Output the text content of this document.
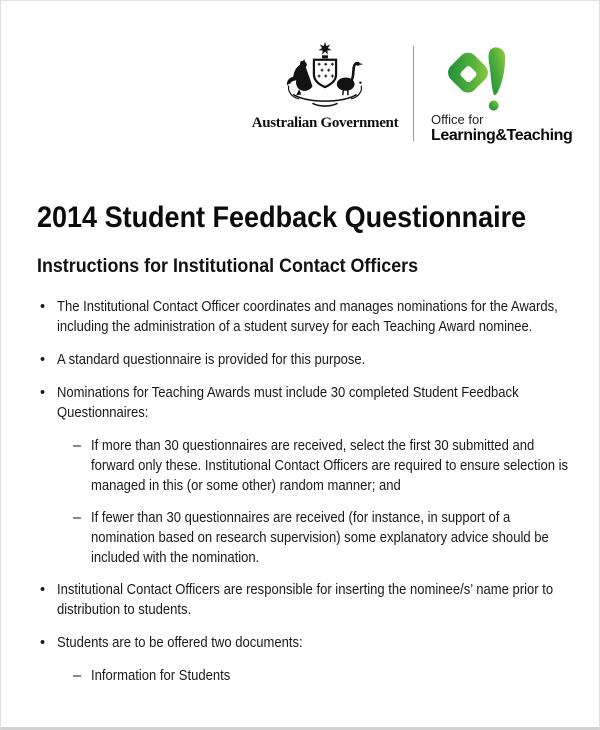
Australian Government	Office for
Learning&Teaching
2014 Student Feedback Questionnaire
Instructions for Institutional Contact Officers
• The Institutional Contact Officer coordinates and manages nominations for the Awards, including the administration of a student survey for each Teaching Award nominee.
• A standard questionnaire is provided for this purpose.
• Nominations for Teaching Awards must include 30 completed Student Feedback Questionnaires:
– If more than 30 questionnaires are received, select the first 30 submitted and forward only these. Institutional Contact Officers are required to ensure selection is managed in this (or some other) random manner; and
– If fewer than 30 questionnaires are received (for instance, in support of a nomination based on research supervision) some explanatory advice should be included with the nomination.
• Institutional Contact Officers are responsible for inserting the nominee/s’ name prior to distribution to students.
• Students are to be offered two documents:
– Information for Students
